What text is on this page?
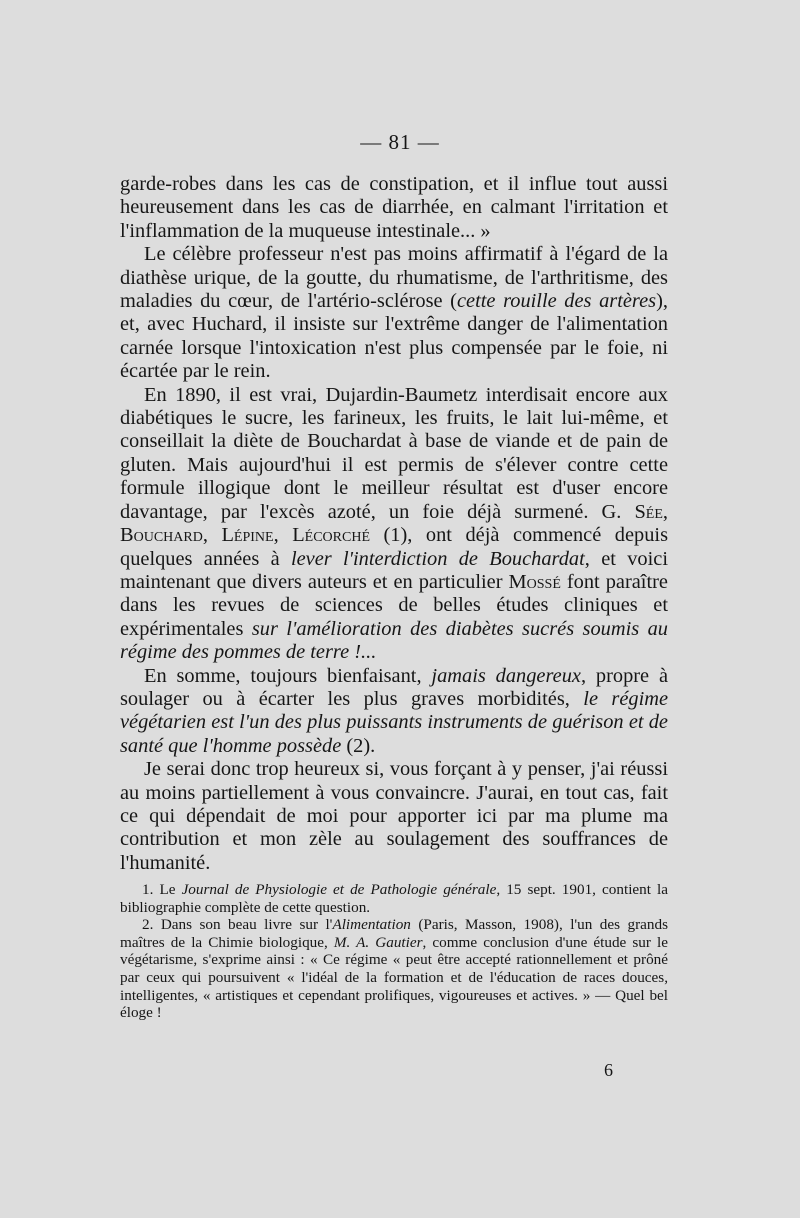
— 81 —

garde-robes dans les cas de constipation, et il influe tout aussi heureusement dans les cas de diarrhée, en calmant l'irritation et l'inflammation de la muqueuse intestinale... »

Le célèbre professeur n'est pas moins affirmatif à l'égard de la diathèse urique, de la goutte, du rhumatisme, de l'arthritisme, des maladies du cœur, de l'artério-sclérose (cette rouille des artères), et, avec Huchard, il insiste sur l'extrême danger de l'alimentation carnée lorsque l'intoxication n'est plus compensée par le foie, ni écartée par le rein.

En 1890, il est vrai, Dujardin-Baumetz interdisait encore aux diabétiques le sucre, les farineux, les fruits, le lait lui-même, et conseillait la diète de Bouchardat à base de viande et de pain de gluten. Mais aujourd'hui il est permis de s'élever contre cette formule illogique dont le meilleur résultat est d'user encore davantage, par l'excès azoté, un foie déjà surmené. G. Sée, Bouchard, Lépine, Lécorché (1), ont déjà commencé depuis quelques années à lever l'interdiction de Bouchardat, et voici maintenant que divers auteurs et en particulier Mossé font paraître dans les revues de sciences de belles études cliniques et expérimentales sur l'amélioration des diabètes sucrés soumis au régime des pommes de terre !...

En somme, toujours bienfaisant, jamais dangereux, propre à soulager ou à écarter les plus graves morbidités, le régime végétarien est l'un des plus puissants instruments de guérison et de santé que l'homme possède (2).

Je serai donc trop heureux si, vous forçant à y penser, j'ai réussi au moins partiellement à vous convaincre. J'aurai, en tout cas, fait ce qui dépendait de moi pour apporter ici par ma plume ma contribution et mon zèle au soulagement des souffrances de l'humanité.

1. Le Journal de Physiologie et de Pathologie générale, 15 sept. 1901, contient la bibliographie complète de cette question.

2. Dans son beau livre sur l'Alimentation (Paris, Masson, 1908), l'un des grands maîtres de la Chimie biologique, M. A. Gautier, comme conclusion d'une étude sur le végétarisme, s'exprime ainsi : « Ce régime « peut être accepté rationnellement et prôné par ceux qui poursuivent « l'idéal de la formation et de l'éducation de races douces, intelligentes, « artistiques et cependant prolifiques, vigoureuses et actives. » — Quel bel éloge !

6
